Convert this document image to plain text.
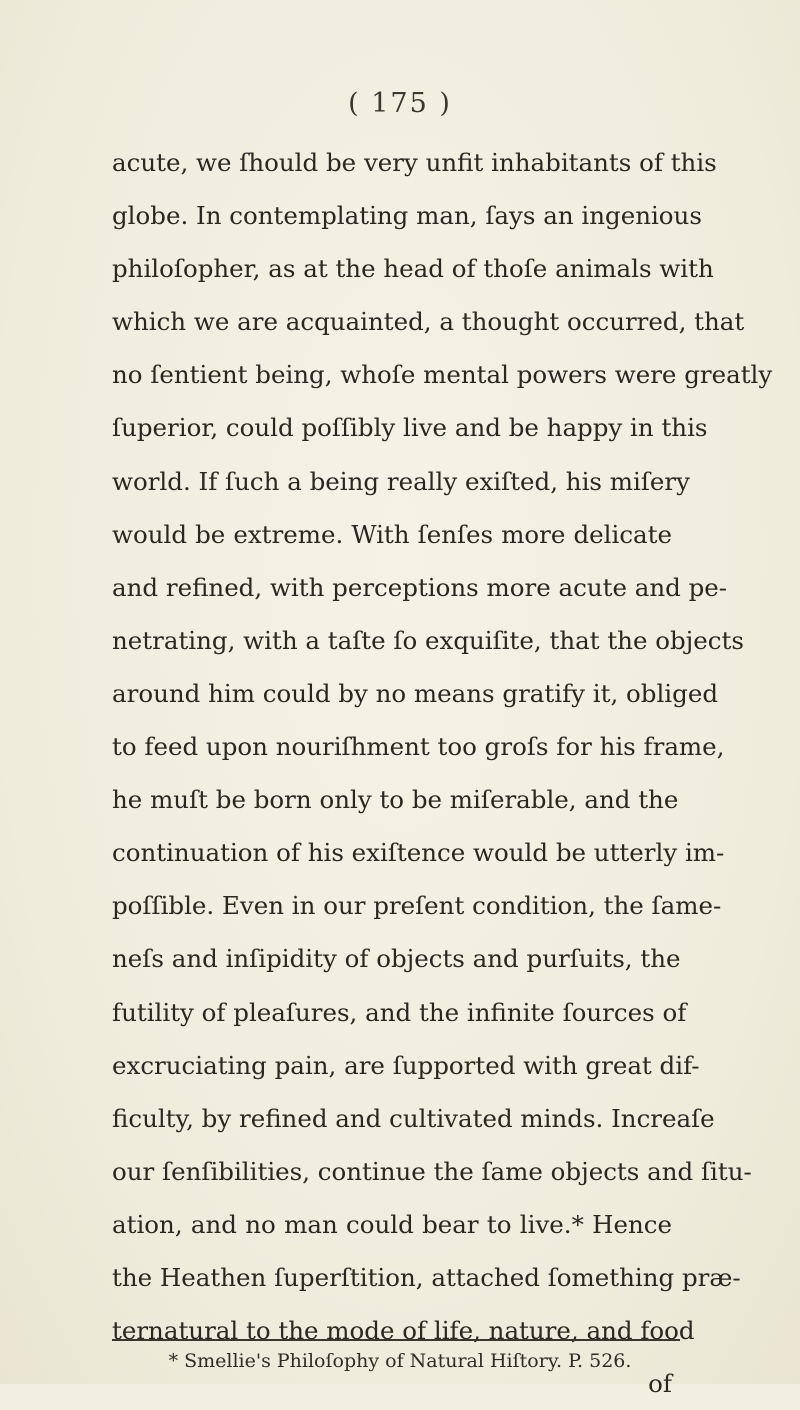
( 175 )
acute, we ſhould be very unfit inhabitants of this
globe. In contemplating man, ſays an ingenious
philoſopher, as at the head of thoſe animals with
which we are acquainted, a thought occurred, that
no ſentient being, whoſe mental powers were greatly
ſuperior, could poſſibly live and be happy in this
world. If ſuch a being really exiſted, his miſery
would be extreme. With ſenſes more delicate
and refined, with perceptions more acute and pe-
netrating, with a taſte ſo exquiſite, that the objects
around him could by no means gratify it, obliged
to feed upon nouriſhment too groſs for his frame,
he muſt be born only to be miſerable, and the
continuation of his exiſtence would be utterly im-
poſſible. Even in our preſent condition, the ſame-
neſs and inſipidity of objects and purſuits, the
futility of pleaſures, and the infinite ſources of
excruciating pain, are ſupported with great dif-
ficulty, by refined and cultivated minds. Increaſe
our ſenſibilities, continue the ſame objects and ſitu-
ation, and no man could bear to live.* Hence
the Heathen ſuperſtition, attached ſomething præ-
ternatural to the mode of life, nature, and food
of
* Smellie's Philoſophy of Natural Hiſtory. P. 526.
